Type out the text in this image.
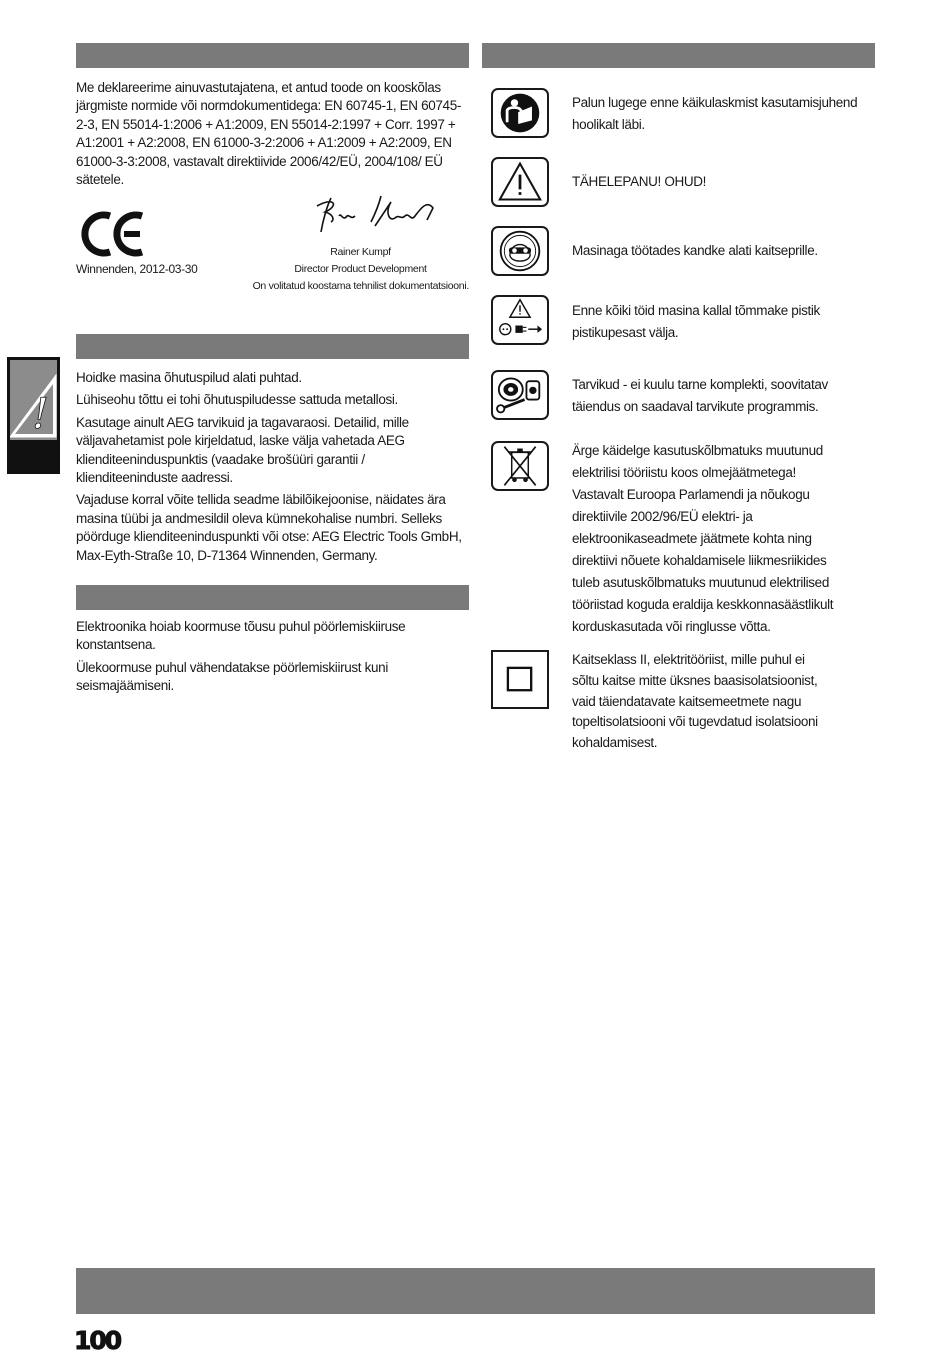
!
Me deklareerime ainuvastutajatena, et antud toode on kooskõlas järgmiste normide või normdokumentidega: EN 60745-1, EN 60745-2-3, EN 55014-1:2006 + A1:2009, EN 55014-2:1997 + Corr. 1997 + A1:2001 + A2:2008, EN 61000-3-2:2006 + A1:2009 + A2:2009, EN 61000-3-3:2008, vastavalt direktiivide 2006/42/EÜ, 2004/108/ EÜ sätetele.
Winnenden, 2012-03-30
Rainer Kumpf
Director Product Development
On volitatud koostama tehnilist dokumentatsiooni.

Hoidke masina õhutuspilud alati puhtad.

Lühiseohu tõttu ei tohi õhutuspiludesse sattuda metallosi.

Kasutage ainult AEG tarvikuid ja tagavaraosi. Detailid, mille väljavahetamist pole kirjeldatud, laske välja vahetada AEG klienditeeninduspunktis (vaadake brošüüri garantii / klienditeeninduste aadressi.

Vajaduse korral võite tellida seadme läbilõikejoonise, näidates ära masina tüübi ja andmesildil oleva kümnekohalise numbri. Selleks pöörduge klienditeeninduspunkti või otse: AEG Electric Tools GmbH, Max-Eyth-Straße 10, D-71364 Winnenden, Germany.

Elektroonika hoiab koormuse tõusu puhul pöörlemiskiiruse konstantsena.

Ülekoormuse puhul vähendatakse pöörlemiskiirust kuni seismajäämiseni.

Palun lugege enne käikulaskmist kasutamisjuhend hoolikalt läbi.
TÄHELEPANU! OHUD!
Masinaga töötades kandke alati kaitseprille.
Enne kõiki töid masina kallal tõmmake pistik pistikupesast välja.
Tarvikud - ei kuulu tarne komplekti, soovitatav täiendus on saadaval tarvikute programmis.
Ärge käidelge kasutuskõlbmatuks muutunud elektrilisi tööriistu koos olmejäätmetega! Vastavalt Euroopa Parlamendi ja nõukogu direktiivile 2002/96/EÜ elektri- ja elektroonikaseadmete jäätmete kohta ning direktiivi nõuete kohaldamisele liikmesriikides tuleb asutuskõlbmatuks muutunud elektrilised tööriistad koguda eraldija keskkonnasäästlikult korduskasutada või ringlusse võtta.
Kaitseklass II, elektritööriist, mille puhul ei sõltu kaitse mitte üksnes baasisolatsioonist, vaid täiendatavate kaitsemeetmete nagu topeltisolatsiooni või tugevdatud isolatsiooni kohaldamisest.
100
